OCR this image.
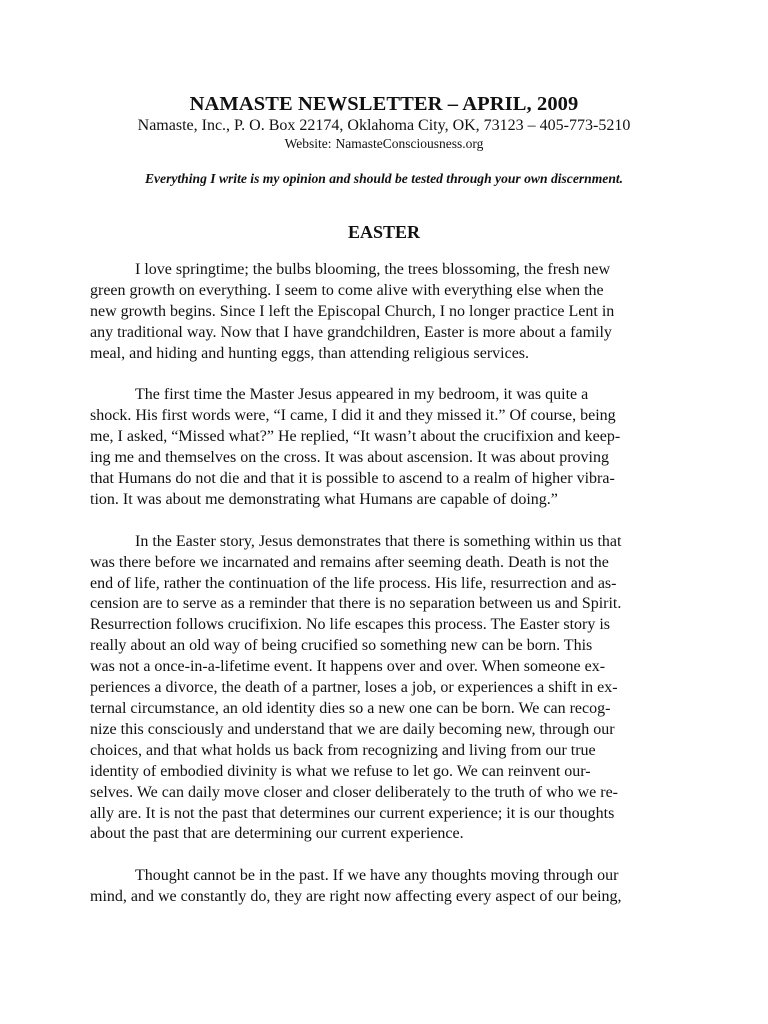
NAMASTE NEWSLETTER – APRIL, 2009

Namaste, Inc., P. O. Box 22174, Oklahoma City, OK, 73123 – 405-773-5210

Website: NamasteConsciousness.org

Everything I write is my opinion and should be tested through your own discernment.

EASTER
I love springtime; the bulbs blooming, the trees blossoming, the fresh new
green growth on everything. I seem to come alive with everything else when the
new growth begins. Since I left the Episcopal Church, I no longer practice Lent in
any traditional way. Now that I have grandchildren, Easter is more about a family
meal, and hiding and hunting eggs, than attending religious services.
The first time the Master Jesus appeared in my bedroom, it was quite a
shock. His first words were, “I came, I did it and they missed it.” Of course, being
me, I asked, “Missed what?” He replied, “It wasn’t about the crucifixion and keep-
ing me and themselves on the cross. It was about ascension. It was about proving
that Humans do not die and that it is possible to ascend to a realm of higher vibra-
tion. It was about me demonstrating what Humans are capable of doing.”
In the Easter story, Jesus demonstrates that there is something within us that
was there before we incarnated and remains after seeming death. Death is not the
end of life, rather the continuation of the life process. His life, resurrection and as-
cension are to serve as a reminder that there is no separation between us and Spirit.
Resurrection follows crucifixion. No life escapes this process. The Easter story is
really about an old way of being crucified so something new can be born. This
was not a once-in-a-lifetime event. It happens over and over. When someone ex-
periences a divorce, the death of a partner, loses a job, or experiences a shift in ex-
ternal circumstance, an old identity dies so a new one can be born. We can recog-
nize this consciously and understand that we are daily becoming new, through our
choices, and that what holds us back from recognizing and living from our true
identity of embodied divinity is what we refuse to let go. We can reinvent our-
selves. We can daily move closer and closer deliberately to the truth of who we re-
ally are. It is not the past that determines our current experience; it is our thoughts
about the past that are determining our current experience.
Thought cannot be in the past. If we have any thoughts moving through our
mind, and we constantly do, they are right now affecting every aspect of our being,
